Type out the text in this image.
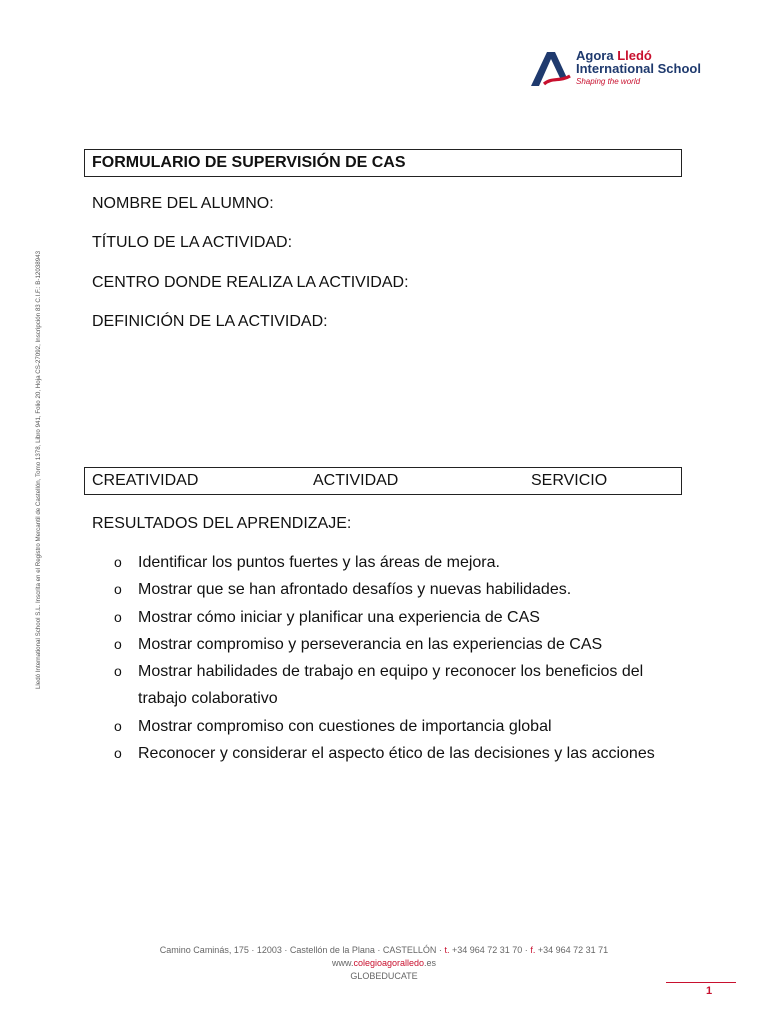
Agora Lledó
International School
Shaping the world
Lledó International School S.L. Inscrita en el Registro Mercantil de Castellón, Tomo 1378, Libro 941, Folio 20, Hoja CS-27092, Inscripción 83 C.I.F.: B-12038943
FORMULARIO DE SUPERVISIÓN DE CAS
NOMBRE DEL ALUMNO:
TÍTULO DE LA ACTIVIDAD:
CENTRO DONDE REALIZA LA ACTIVIDAD:
DEFINICIÓN DE LA ACTIVIDAD:
CREATIVIDAD	ACTIVIDAD	SERVICIO
RESULTADOS DEL APRENDIZAJE:
o Identificar los puntos fuertes y las áreas de mejora.
o Mostrar que se han afrontado desafíos y nuevas habilidades.
o Mostrar cómo iniciar y planificar una experiencia de CAS
o Mostrar compromiso y perseverancia en las experiencias de CAS
o Mostrar habilidades de trabajo en equipo y reconocer los beneficios del trabajo colaborativo
o Mostrar compromiso con cuestiones de importancia global
o Reconocer y considerar el aspecto ético de las decisiones y las acciones
Camino Caminás, 175 · 12003 · Castellón de la Plana · CASTELLÓN · t. +34 964 72 31 70 · f. +34 964 72 31 71
www.colegioagoralledo.es
GLOBEDUCATE
1
